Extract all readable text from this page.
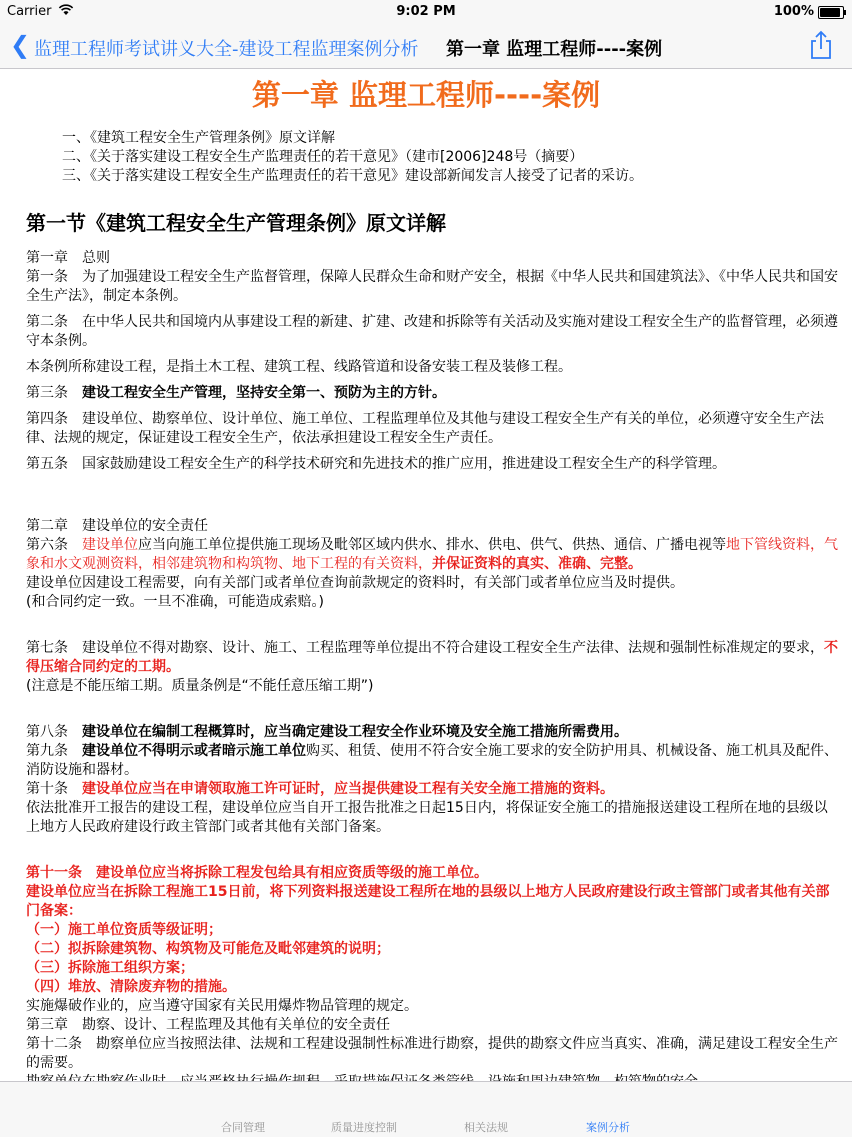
Carrier	9:02 PM	100%
❮ 监理工程师考试讲义大全-建设工程监理案例分析 第一章 监理工程师----案例
第一章 监理工程师----案例
一、《建筑工程安全生产管理条例》原文详解
二、《关于落实建设工程安全生产监理责任的若干意见》（建市[2006]248号（摘要）
三、《关于落实建设工程安全生产监理责任的若干意见》建设部新闻发言人接受了记者的采访。
第一节《建筑工程安全生产管理条例》原文详解

第一章　总则

第一条　为了加强建设工程安全生产监督管理，保障人民群众生命和财产安全，根据《中华人民共和国建筑法》、《中华人民共和国安全生产法》，制定本条例。

第二条　在中华人民共和国境内从事建设工程的新建、扩建、改建和拆除等有关活动及实施对建设工程安全生产的监督管理，必须遵守本条例。

本条例所称建设工程，是指土木工程、建筑工程、线路管道和设备安装工程及装修工程。

第三条　建设工程安全生产管理，坚持安全第一、预防为主的方针。

第四条　建设单位、勘察单位、设计单位、施工单位、工程监理单位及其他与建设工程安全生产有关的单位，必须遵守安全生产法律、法规的规定，保证建设工程安全生产，依法承担建设工程安全生产责任。

第五条　国家鼓励建设工程安全生产的科学技术研究和先进技术的推广应用，推进建设工程安全生产的科学管理。

第二章　建设单位的安全责任

第六条　建设单位应当向施工单位提供施工现场及毗邻区域内供水、排水、供电、供气、供热、通信、广播电视等地下管线资料，气象和水文观测资料，相邻建筑物和构筑物、地下工程的有关资料，并保证资料的真实、准确、完整。

建设单位因建设工程需要，向有关部门或者单位查询前款规定的资料时，有关部门或者单位应当及时提供。

(和合同约定一致。一旦不准确，可能造成索赔。)

第七条　建设单位不得对勘察、设计、施工、工程监理等单位提出不符合建设工程安全生产法律、法规和强制性标准规定的要求，不得压缩合同约定的工期。

(注意是不能压缩工期。质量条例是“不能任意压缩工期”)

第八条　建设单位在编制工程概算时，应当确定建设工程安全作业环境及安全施工措施所需费用。

第九条　建设单位不得明示或者暗示施工单位购买、租赁、使用不符合安全施工要求的安全防护用具、机械设备、施工机具及配件、消防设施和器材。

第十条　建设单位应当在申请领取施工许可证时，应当提供建设工程有关安全施工措施的资料。

依法批准开工报告的建设工程，建设单位应当自开工报告批准之日起15日内，将保证安全施工的措施报送建设工程所在地的县级以上地方人民政府建设行政主管部门或者其他有关部门备案。

第十一条　建设单位应当将拆除工程发包给具有相应资质等级的施工单位。

建设单位应当在拆除工程施工15日前，将下列资料报送建设工程所在地的县级以上地方人民政府建设行政主管部门或者其他有关部门备案：

（一）施工单位资质等级证明；

（二）拟拆除建筑物、构筑物及可能危及毗邻建筑的说明；

（三）拆除施工组织方案；

（四）堆放、清除废弃物的措施。

实施爆破作业的，应当遵守国家有关民用爆炸物品管理的规定。

第三章　勘察、设计、工程监理及其他有关单位的安全责任

第十二条　勘察单位应当按照法律、法规和工程建设强制性标准进行勘察，提供的勘察文件应当真实、准确，满足建设工程安全生产的需要。

合同管理	质量进度控制	相关法规	案例分析
